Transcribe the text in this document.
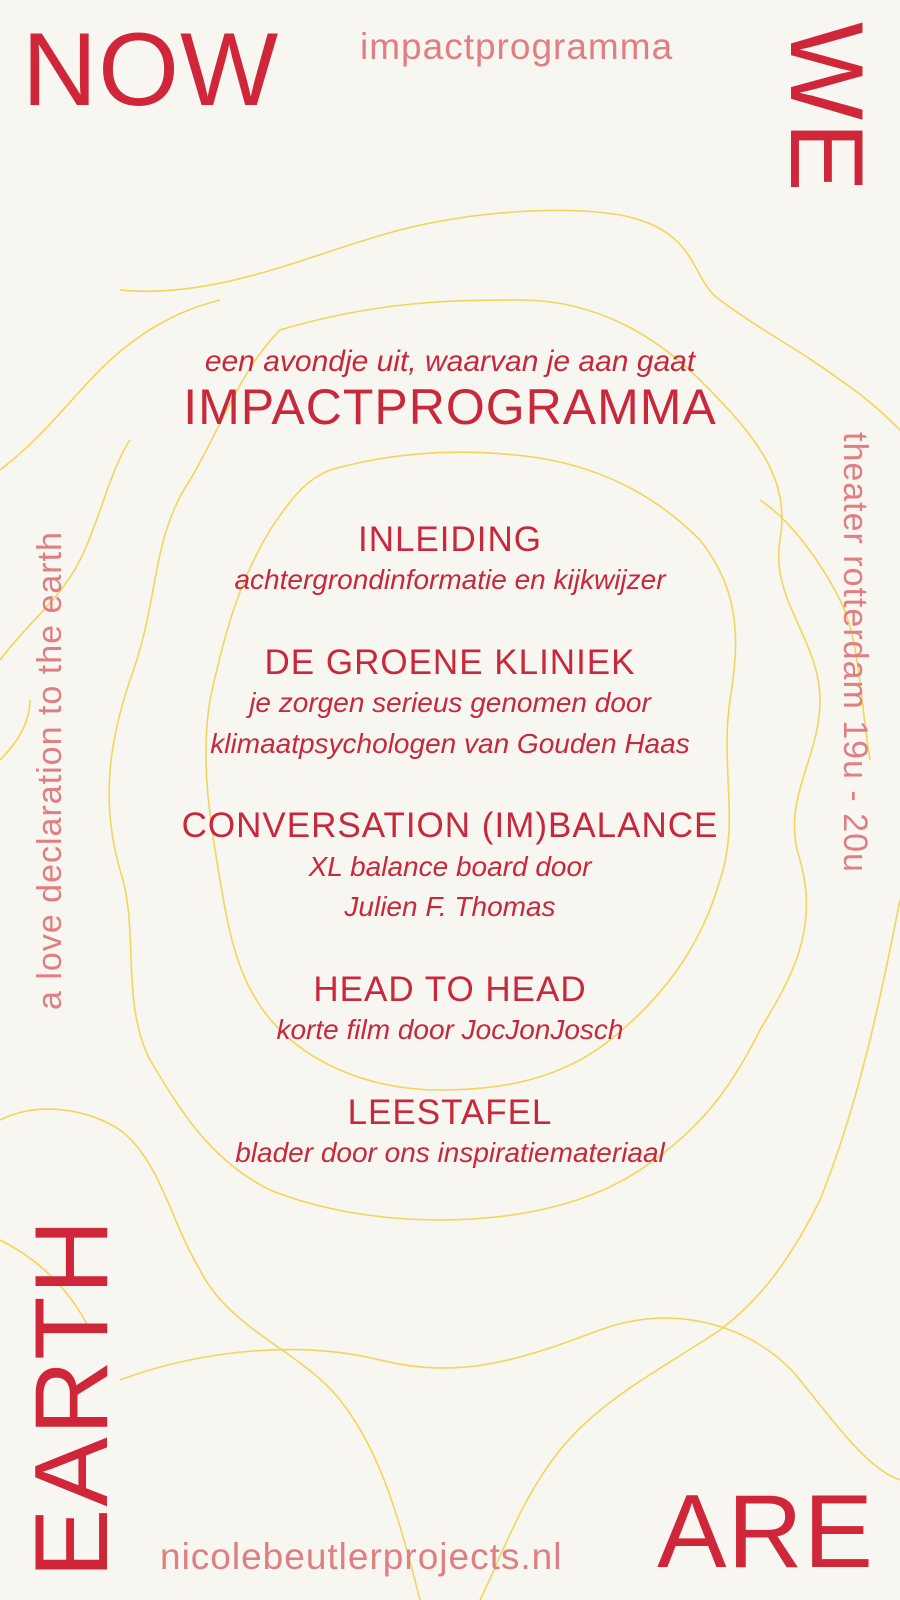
NOW	WE
EARTH	ARE
impactprogramma
a love declaration to the earth	theater rotterdam 19u - 20u
nicolebeutlerprojects.nl
een avondje uit, waarvan je aan gaat
IMPACTPROGRAMMA
INLEIDING
achtergrondinformatie en kijkwijzer
DE GROENE KLINIEK
je zorgen serieus genomen door
klimaatpsychologen van Gouden Haas
CONVERSATION (IM)BALANCE
XL balance board door
Julien F. Thomas
HEAD TO HEAD
korte film door JocJonJosch
LEESTAFEL
blader door ons inspiratiemateriaal
